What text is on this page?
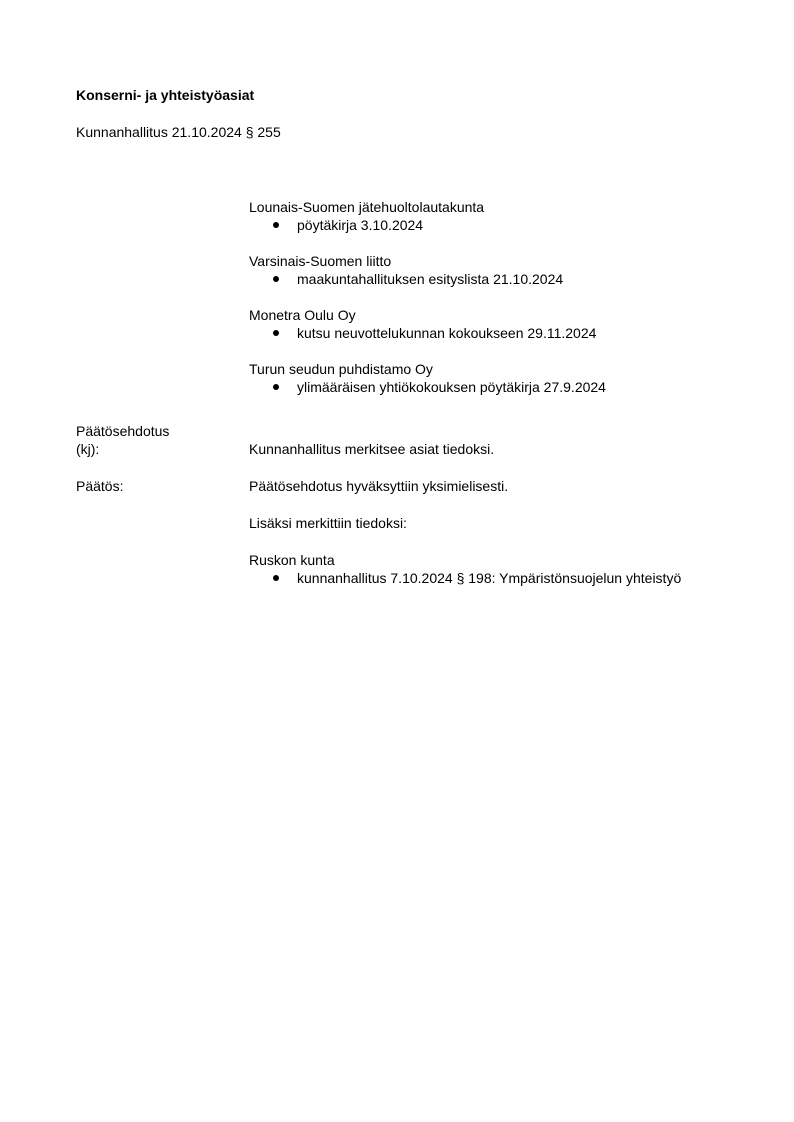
Konserni- ja yhteistyöasiat
Kunnanhallitus 21.10.2024 § 255
Lounais-Suomen jätehuoltolautakunta
pöytäkirja 3.10.2024
Varsinais-Suomen liitto
maakuntahallituksen esityslista 21.10.2024
Monetra Oulu Oy
kutsu neuvottelukunnan kokoukseen 29.11.2024
Turun seudun puhdistamo Oy
ylimääräisen yhtiökokouksen pöytäkirja 27.9.2024
Päätösehdotus
(kj):	Kunnanhallitus merkitsee asiat tiedoksi.
Päätös:	Päätösehdotus hyväksyttiin yksimielisesti.
Lisäksi merkittiin tiedoksi:
Ruskon kunta
kunnanhallitus 7.10.2024 § 198: Ympäristönsuojelun yhteistyö
